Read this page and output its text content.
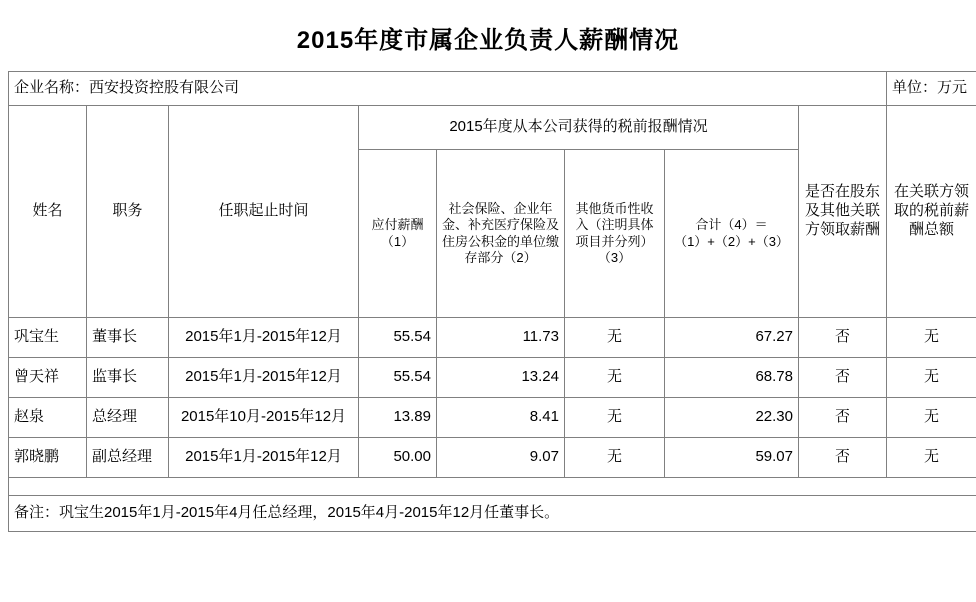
2015年度市属企业负责人薪酬情况
企业名称：西安投资控股有限公司								单位：万元
姓名	职务	任职起止时间	2015年度从本公司获得的税前报酬情况				是否在股东及其他关联方领取薪酬	在关联方领取的税前薪酬总额
			应付薪酬（1）	社会保险、企业年金、补充医疗保险及住房公积金的单位缴存部分（2）	其他货币性收入（注明具体项目并分列）（3）	合计（4）＝（1）+（2）+（3）		
巩宝生	董事长	2015年1月-2015年12月	55.54	11.73	无	67.27	否	无
曾天祥	监事长	2015年1月-2015年12月	55.54	13.24	无	68.78	否	无
赵泉	总经理	2015年10月-2015年12月	13.89	8.41	无	22.30	否	无
郭晓鹏	副总经理	2015年1月-2015年12月	50.00	9.07	无	59.07	否	无

备注：巩宝生2015年1月-2015年4月任总经理，2015年4月-2015年12月任董事长。								
